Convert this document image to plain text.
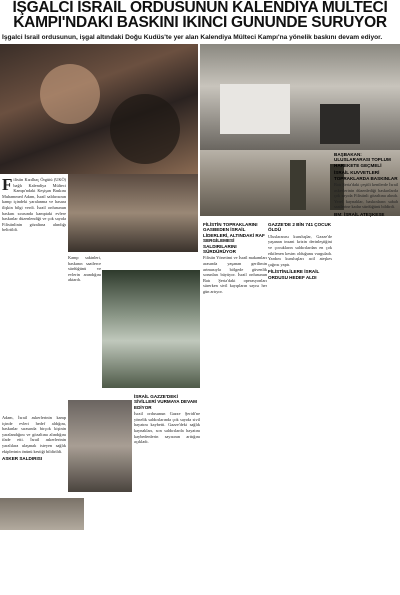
İŞGALCİ İSRAİL ORDUSUNUN KALENDİYA MÜLTECİ
KAMPI'NDAKİ BASKINI İKİNCİ GÜNÜNDE SÜRÜYOR
İşgalci İsrail ordusunun, işgal altındaki Doğu Kudüs'te yer alan Kalendiya Mülteci Kampı'na yönelik baskını devam ediyor.
F ilistin Kızılhaç Örgütü (UKÖ) bağlı Kalendiya Mülteci Kampı'ndaki Keşişan Baskını Muhammed Adam, İsrail saldırısının kamp içindeki yaralanma ve hasara ilişkin bilgi verdi. İsrail ordusunun baskını sırasında kamptaki evlere baskınlar düzenlendiği ve çok sayıda Filistinlinin gözaltına alındığı belirtildi.

Adam, İsrail askerlerinin kamp içinde evleri hedef aldığını, baskınlar sırasında birçok kişinin yaralandığını ve gözaltına alındığını ifade etti. İsrail askerlerinin yaralılara ulaşmak isteyen sağlık ekiplerinin önünü kestiği bildirildi.

ASKER SALDIRISI

Kamp sakinleri, baskının saatlerce sürdüğünü ve evlerin arandığını aktardı.

İSRAİL GAZZE'DEKİ SİVİLLERİ VURMAYA DEVAM EDİYOR

İsrail ordusunun Gazze Şeridi'ne yönelik saldırılarında çok sayıda sivil hayatını kaybetti. Gazze'deki sağlık kaynakları, son saldırılarda hayatını kaybedenlerin sayısının arttığını açıkladı.

FİLİSTİN TOPRAKLARINI GASBEDEN İSRAİL LİDERLERİ, ALTINDAKİ RAF SERGİLEMESİ SALDIRILARINI SÜRDÜRÜYOR

Filistin Yönetimi ve İsrail makamları arasında yaşanan gerilimin artmasıyla bölgede güvenlik sorunları büyüyor. İsrail ordusunun Batı Şeria'daki operasyonları sürerken sivil kayıpların sayısı her gün artıyor.

GAZZE'DE 2 BİN 741 ÇOCUK ÖLDÜ

Uluslararası kuruluşlar, Gazze'de yaşanan insani krizin derinleştiğini ve çocukların saldırılardan en çok etkilenen kesim olduğunu vurguladı. Yardım kuruluşları acil ateşkes çağrısı yaptı.

FİLİSTİNLİLERE İSRAİL ORDUSU HEDEF ALDI
BAŞBAKAN: ULUSLARARASI TOPLUM HAREKETE GEÇMELİ
İSRAİL KUVVETLERİ TOPRAKLARDA BASKINLAR

Batı Şeria'daki çeşitli kentlerde İsrail askerlerinin düzenlediği baskınlarda çok sayıda Filistinli gözaltına alındı. Yerel kaynaklar, baskınların sabah saatlerine kadar sürdüğünü bildirdi.

BM: İSRAİL ATEŞKESE
